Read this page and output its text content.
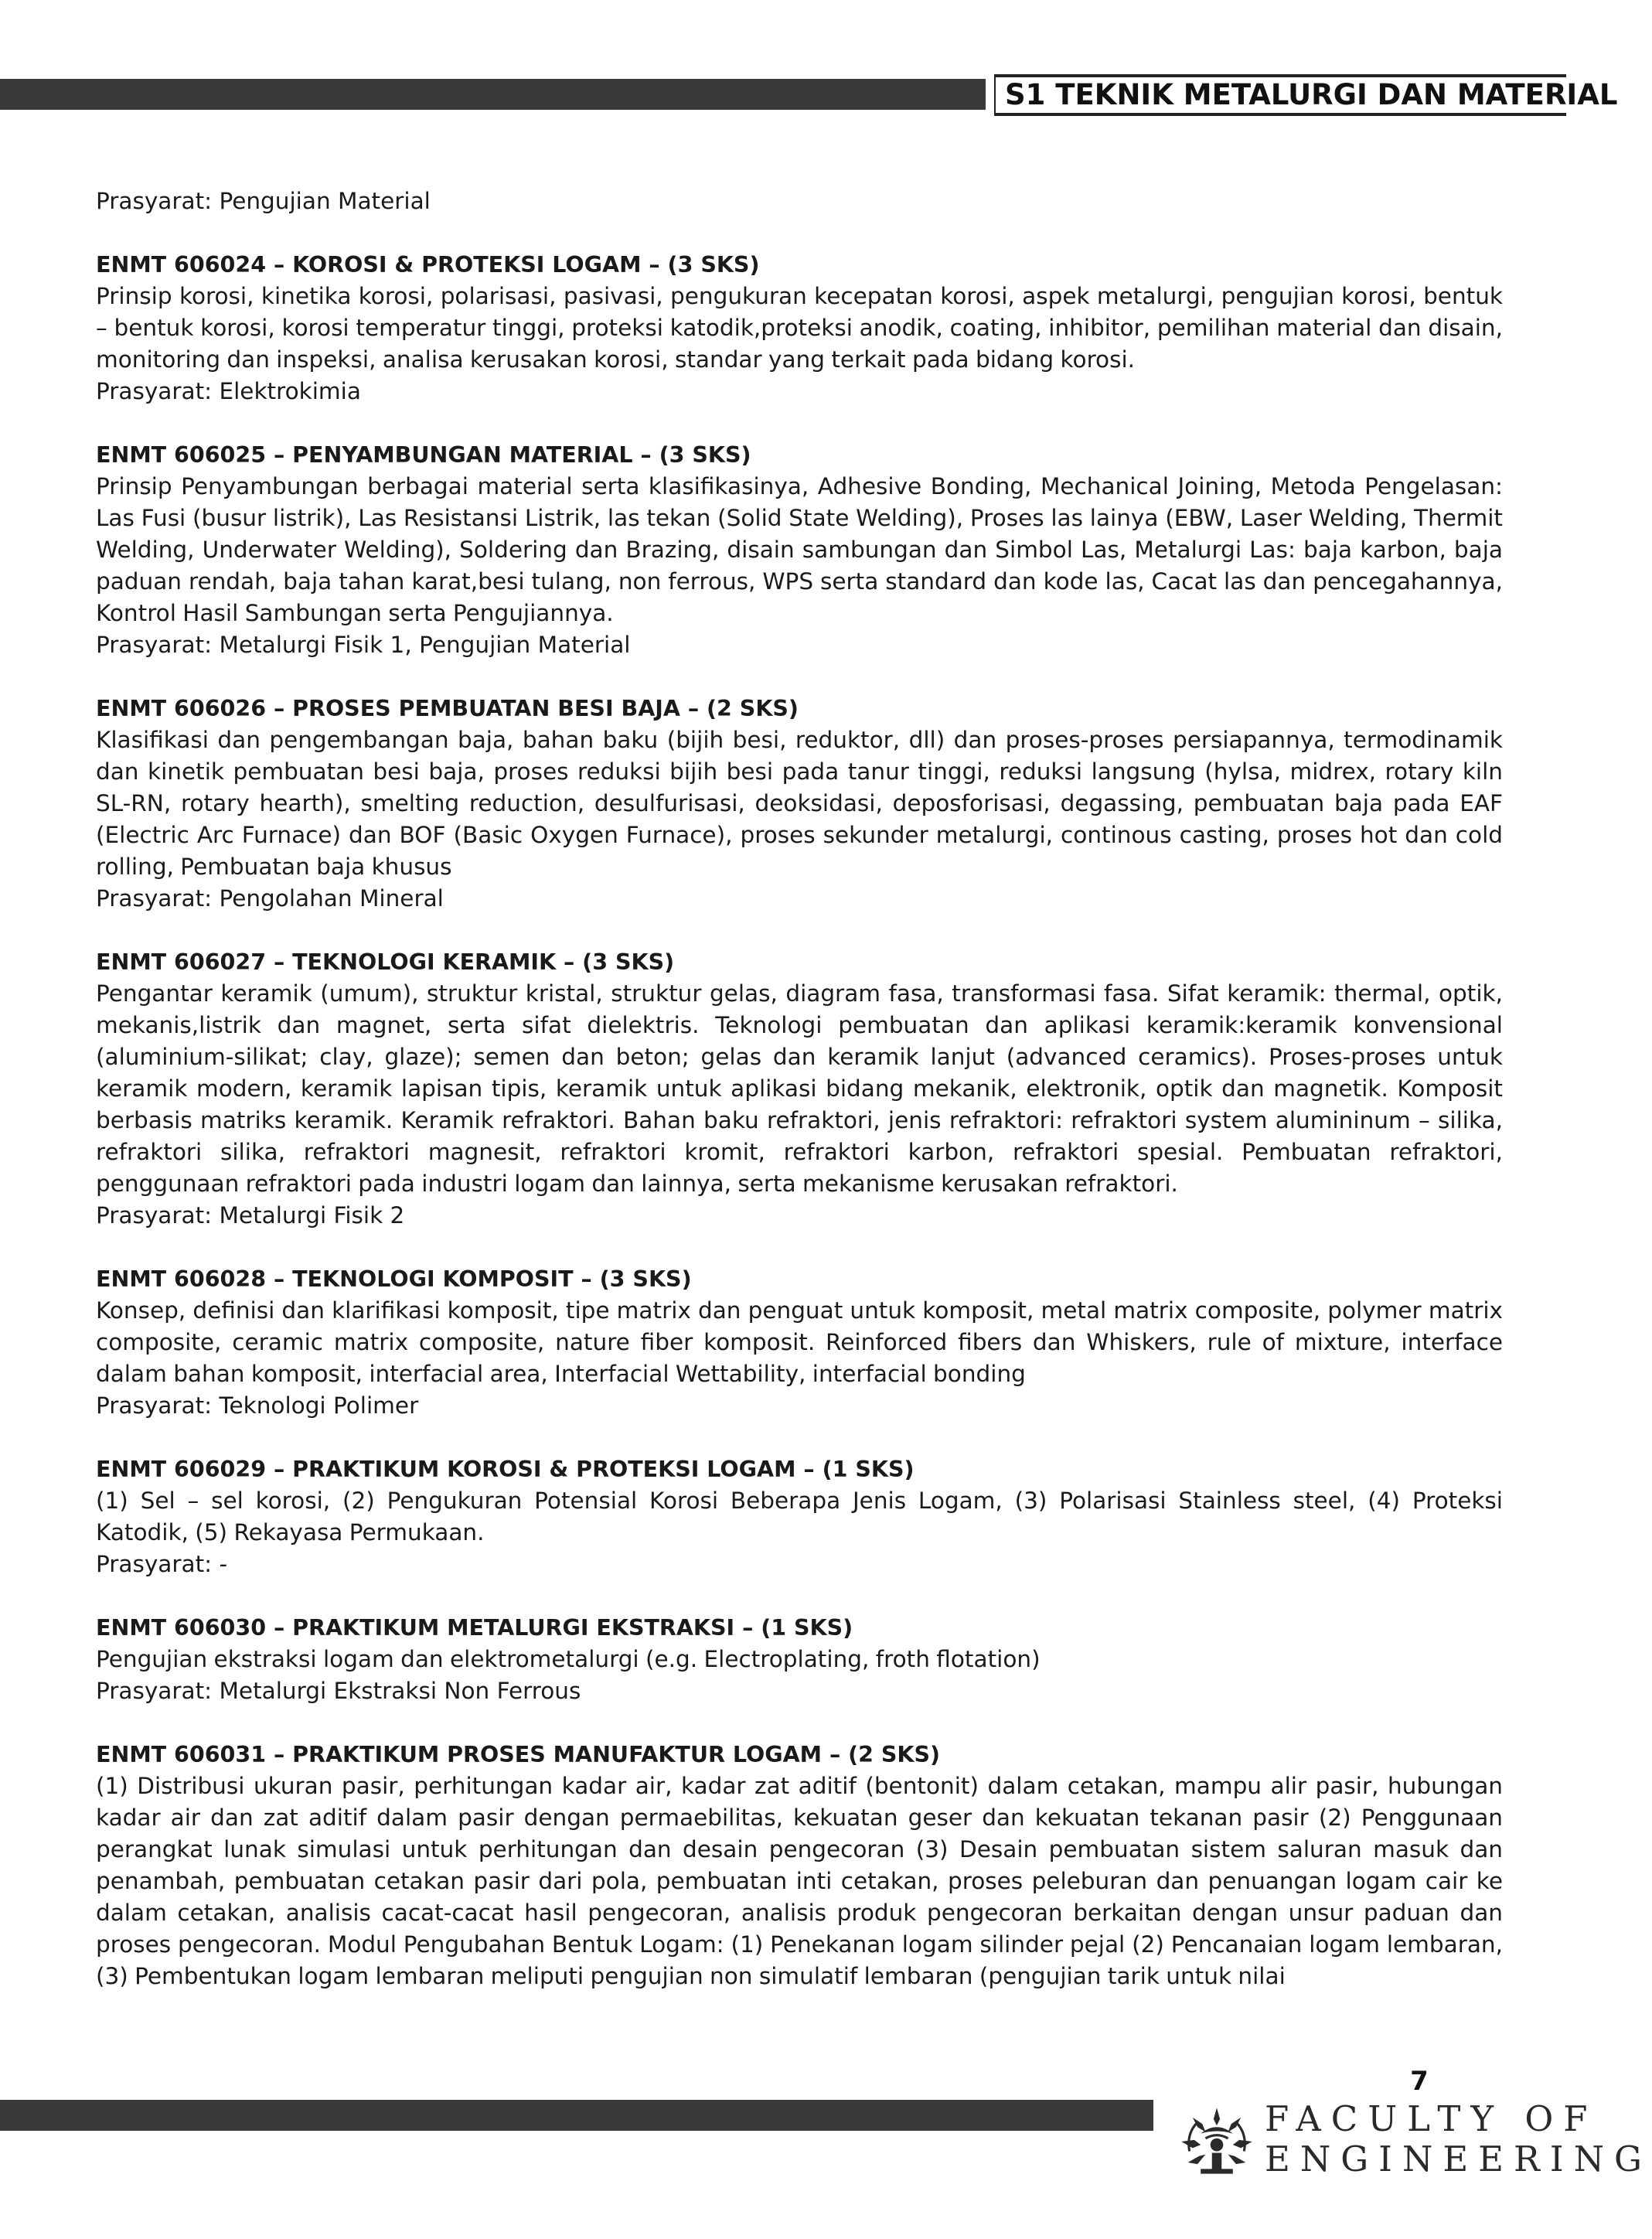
S1 TEKNIK METALURGI DAN MATERIAL

Prasyarat: Pengujian Material

ENMT 606024 – KOROSI & PROTEKSI LOGAM – (3 SKS)

Prinsip korosi, kinetika korosi, polarisasi, pasivasi, pengukuran kecepatan korosi, aspek metalurgi, pengujian korosi, bentuk – bentuk korosi, korosi temperatur tinggi, proteksi katodik,proteksi anodik, coating, inhibitor, pemilihan material dan disain, monitoring dan inspeksi, analisa kerusakan korosi, standar yang terkait pada bidang korosi.

Prasyarat: Elektrokimia

ENMT 606025 – PENYAMBUNGAN MATERIAL – (3 SKS)

Prinsip Penyambungan berbagai material serta klasifikasinya, Adhesive Bonding, Mechanical Joining, Metoda Pengelasan: Las Fusi (busur listrik), Las Resistansi Listrik, las tekan (Solid State Welding), Proses las lainya (EBW, Laser Welding, Thermit Welding, Underwater Welding), Soldering dan Brazing, disain sambungan dan Simbol Las, Metalurgi Las: baja karbon, baja paduan rendah, baja tahan karat,besi tulang, non ferrous, WPS serta standard dan kode las, Cacat las dan pencegahannya, Kontrol Hasil Sambungan serta Pengujiannya.

Prasyarat: Metalurgi Fisik 1, Pengujian Material

ENMT 606026 – PROSES PEMBUATAN BESI BAJA – (2 SKS)

Klasifikasi dan pengembangan baja, bahan baku (bijih besi, reduktor, dll) dan proses-proses persiapannya, termodinamik dan kinetik pembuatan besi baja, proses reduksi bijih besi pada tanur tinggi, reduksi langsung (hylsa, midrex, rotary kiln SL-RN, rotary hearth), smelting reduction, desulfurisasi, deoksidasi, deposforisasi, degassing, pembuatan baja pada EAF (Electric Arc Furnace) dan BOF (Basic Oxygen Furnace), proses sekunder metalurgi, continous casting, proses hot dan cold rolling, Pembuatan baja khusus

Prasyarat: Pengolahan Mineral

ENMT 606027 – TEKNOLOGI KERAMIK – (3 SKS)

Pengantar keramik (umum), struktur kristal, struktur gelas, diagram fasa, transformasi fasa. Sifat keramik: thermal, optik, mekanis,listrik dan magnet, serta sifat dielektris. Teknologi pembuatan dan aplikasi keramik:keramik konvensional (aluminium-silikat; clay, glaze); semen dan beton; gelas dan keramik lanjut (advanced ceramics). Proses-proses untuk keramik modern, keramik lapisan tipis, keramik untuk aplikasi bidang mekanik, elektronik, optik dan magnetik. Komposit berbasis matriks keramik. Keramik refraktori. Bahan baku refraktori, jenis refraktori: refraktori system alumininum – silika, refraktori silika, refraktori magnesit, refraktori kromit, refraktori karbon, refraktori spesial. Pembuatan refraktori, penggunaan refraktori pada industri logam dan lainnya, serta mekanisme kerusakan refraktori.

Prasyarat: Metalurgi Fisik 2

ENMT 606028 – TEKNOLOGI KOMPOSIT – (3 SKS)

Konsep, definisi dan klarifikasi komposit, tipe matrix dan penguat untuk komposit, metal matrix composite, polymer matrix composite, ceramic matrix composite, nature fiber komposit. Reinforced fibers dan Whiskers, rule of mixture, interface dalam bahan komposit, interfacial area, Interfacial Wettability, interfacial bonding

Prasyarat: Teknologi Polimer

ENMT 606029 – PRAKTIKUM KOROSI & PROTEKSI LOGAM – (1 SKS)

(1) Sel – sel korosi, (2) Pengukuran Potensial Korosi Beberapa Jenis Logam, (3) Polarisasi Stainless steel, (4) Proteksi Katodik, (5) Rekayasa Permukaan.

Prasyarat: -

ENMT 606030 – PRAKTIKUM METALURGI EKSTRAKSI – (1 SKS)

Pengujian ekstraksi logam dan elektrometalurgi (e.g. Electroplating, froth flotation)

Prasyarat: Metalurgi Ekstraksi Non Ferrous

ENMT 606031 – PRAKTIKUM PROSES MANUFAKTUR LOGAM – (2 SKS)

(1) Distribusi ukuran pasir, perhitungan kadar air, kadar zat aditif (bentonit) dalam cetakan, mampu alir pasir, hubungan kadar air dan zat aditif dalam pasir dengan permaebilitas, kekuatan geser dan kekuatan tekanan pasir (2) Penggunaan perangkat lunak simulasi untuk perhitungan dan desain pengecoran (3) Desain pembuatan sistem saluran masuk dan penambah, pembuatan cetakan pasir dari pola, pembuatan inti cetakan, proses peleburan dan penuangan logam cair ke dalam cetakan, analisis cacat-cacat hasil pengecoran, analisis produk pengecoran berkaitan dengan unsur paduan dan proses pengecoran. Modul Pengubahan Bentuk Logam: (1) Penekanan logam silinder pejal (2) Pencanaian logam lembaran, (3) Pembentukan logam lembaran meliputi pengujian non simulatif lembaran (pengujian tarik untuk nilai

7
FACULTY OF
ENGINEERING
